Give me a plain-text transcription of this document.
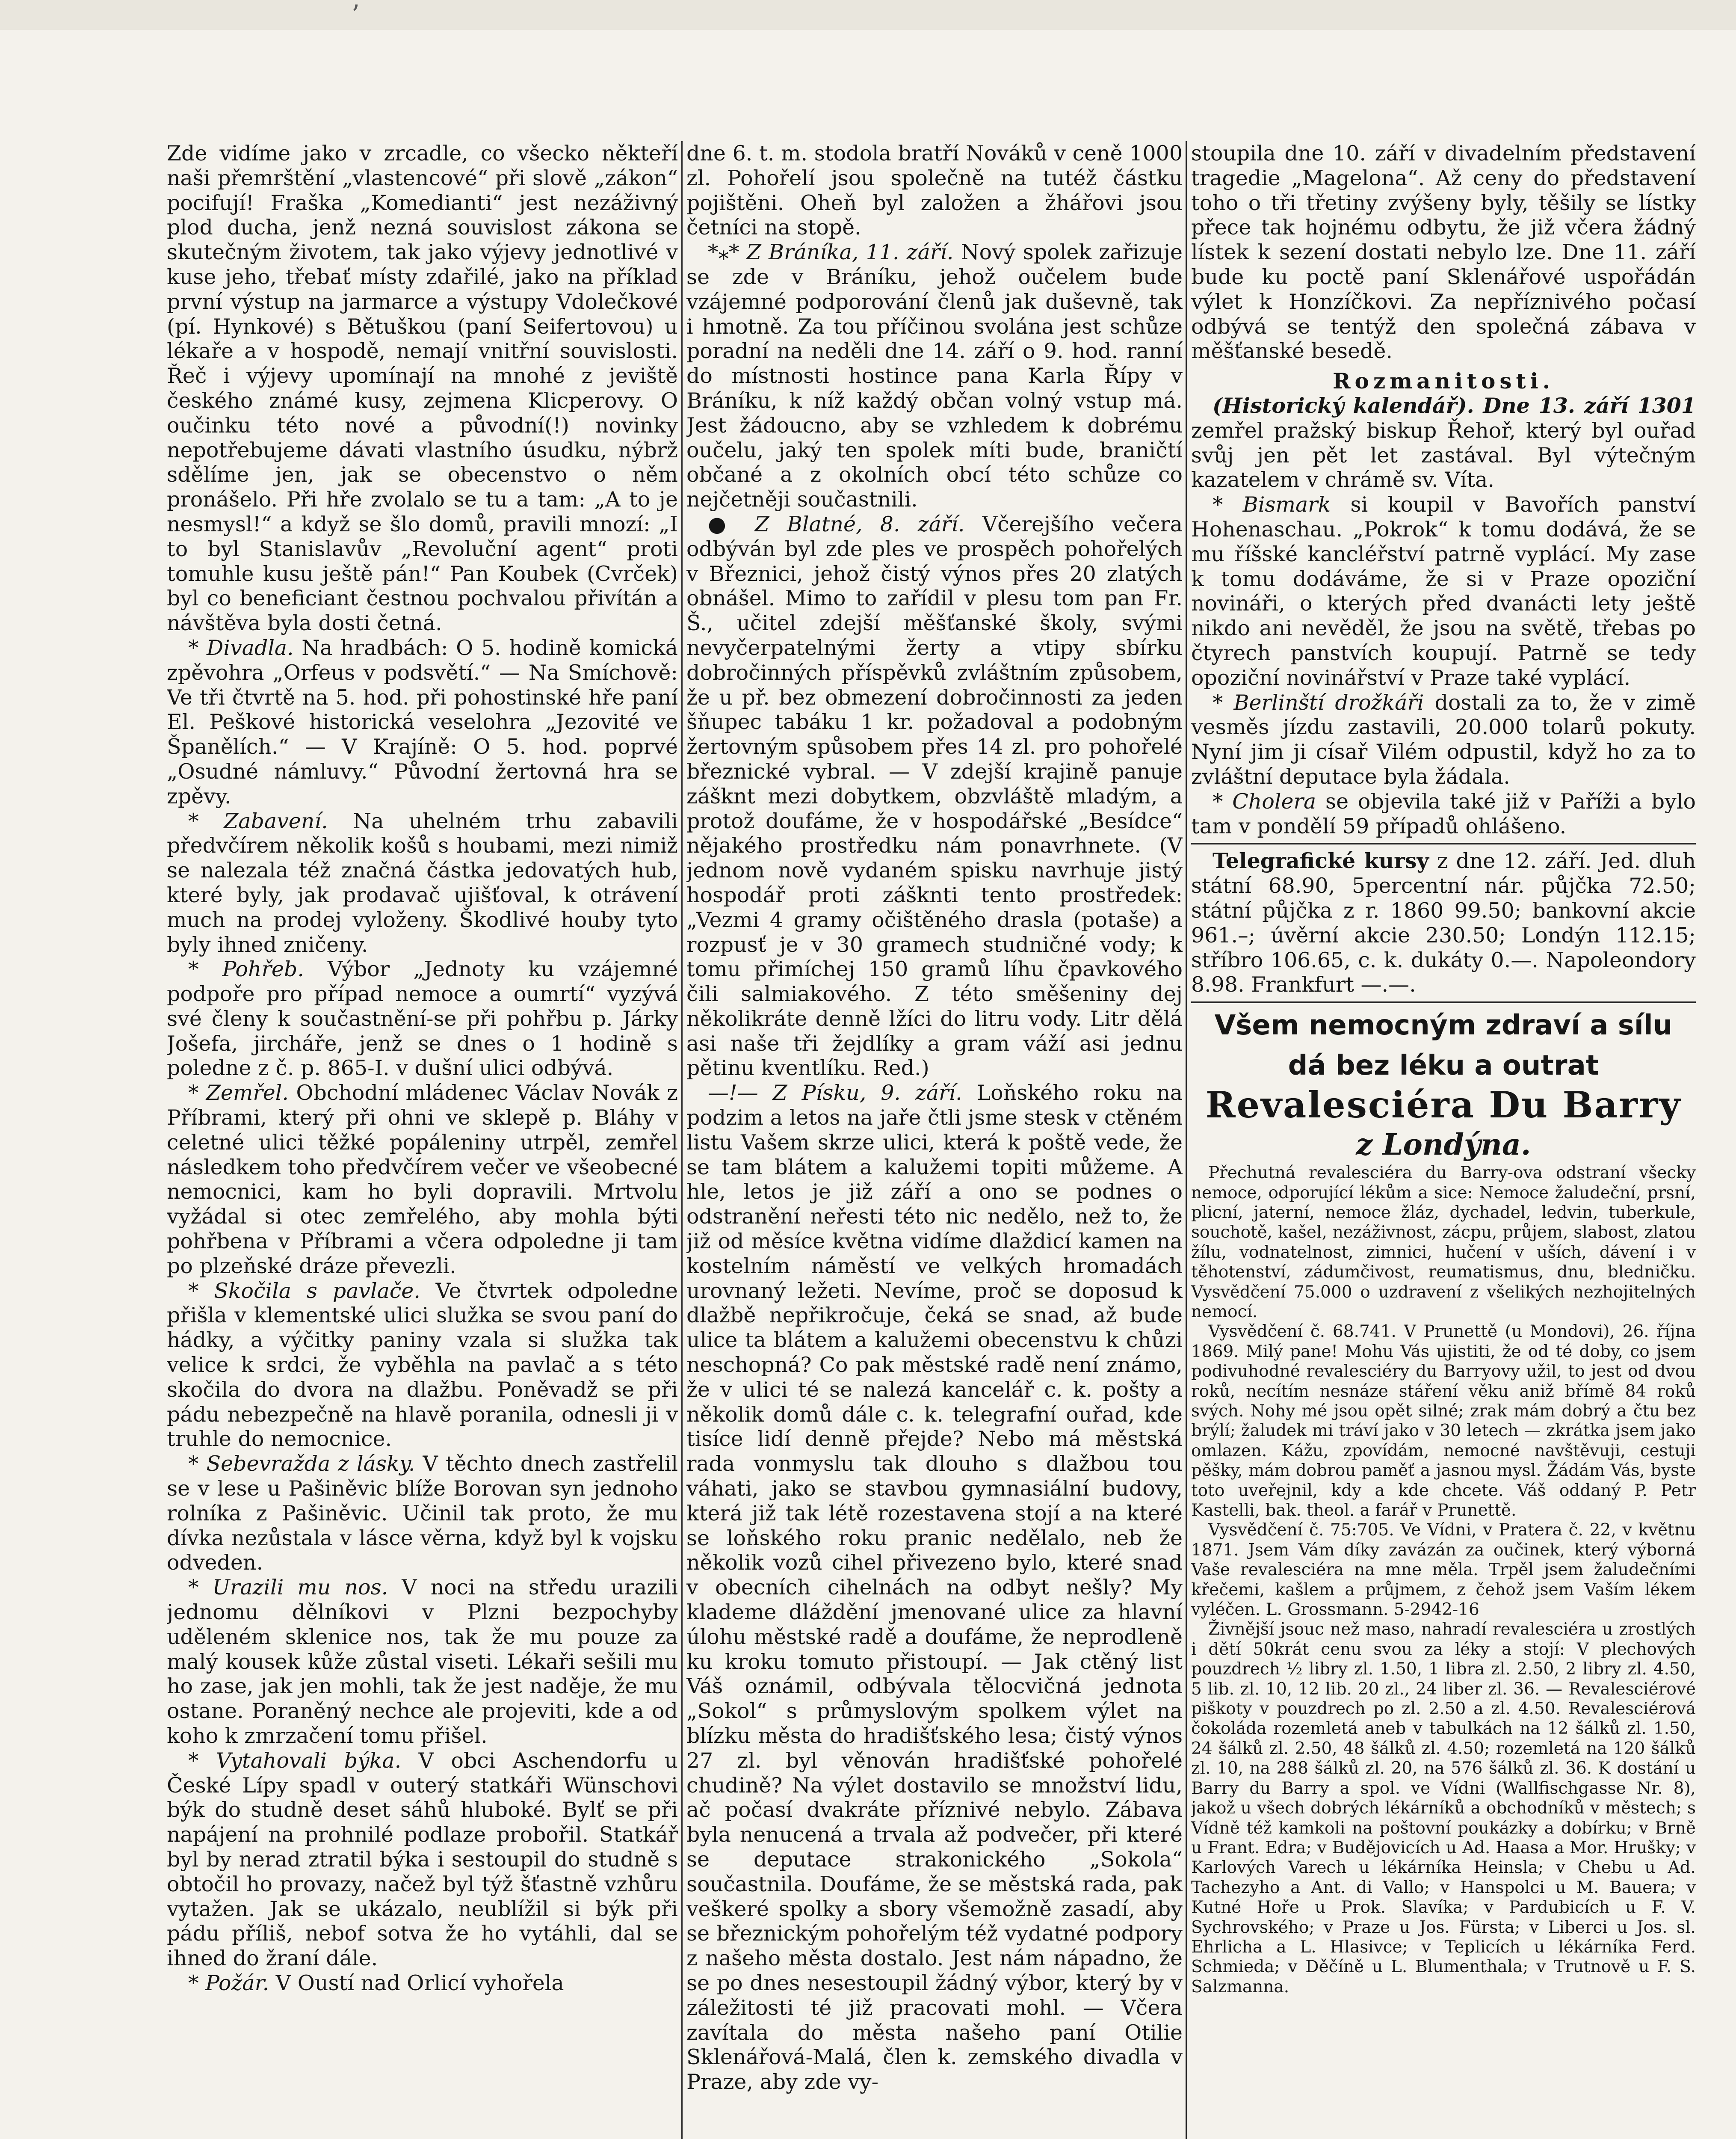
ʼ

Zde vidíme jako v zrcadle, co všecko někteří naši přemrštění „vlastencové“ při slově „zákon“ pocifují! Fraška „Komedianti“ jest nezáživný plod ducha, jenž nezná souvislost zákona se skutečným životem, tak jako výjevy jednotlivé v kuse jeho, třebať místy zdařilé, jako na příklad první výstup na jarmarce a výstupy Vdolečkové (pí. Hynkové) s Bětuškou (paní Seifertovou) u lékaře a v hospodě, nemají vnitřní souvislosti. Řeč i výjevy upomínají na mnohé z jeviště českého známé kusy, zejmena Klicperovy. O oučinku této nové a původní(!) novinky nepotřebujeme dávati vlastního úsudku, nýbrž sdělíme jen, jak se obecenstvo o něm pronášelo. Při hře zvolalo se tu a tam: „A to je nesmysl!“ a když se šlo domů, pravili mnozí: „I to byl Stanislavův „Revoluční agent“ proti tomuhle kusu ještě pán!“ Pan Koubek (Cvrček) byl co beneficiant čestnou pochvalou přivítán a návštěva byla dosti četná.

* Divadla. Na hradbách: O 5. hodině komická zpěvohra „Orfeus v podsvětí.“ — Na Smíchově: Ve tři čtvrtě na 5. hod. při pohostinské hře paní El. Peškové historická veselohra „Jezovité ve Španělích.“ — V Krajíně: O 5. hod. poprvé „Osudné námluvy.“ Původní žertovná hra se zpěvy.

* Zabavení. Na uhelném trhu zabavili předvčírem několik košů s houbami, mezi nimiž se nalezala též značná částka jedovatých hub, které byly, jak prodavač ujišťoval, k otrávení much na prodej vyloženy. Škodlivé houby tyto byly ihned zničeny.

* Pohřeb. Výbor „Jednoty ku vzájemné podpoře pro případ nemoce a oumrtí“ vyzývá své členy k součastnění-se při pohřbu p. Járky Jošefa, jircháře, jenž se dnes o 1 hodině s poledne z č. p. 865-I. v dušní ulici odbývá.

* Zemřel. Obchodní mládenec Václav Novák z Příbrami, který při ohni ve sklepě p. Bláhy v celetné ulici těžké popáleniny utrpěl, zemřel následkem toho předvčírem večer ve všeobecné nemocnici, kam ho byli dopravili. Mrtvolu vyžádal si otec zemřelého, aby mohla býti pohřbena v Příbrami a včera odpoledne ji tam po plzeňské dráze převezli.

* Skočila s pavlače. Ve čtvrtek odpoledne přišla v klementské ulici služka se svou paní do hádky, a výčitky paniny vzala si služka tak velice k srdci, že vyběhla na pavlač a s této skočila do dvora na dlažbu. Poněvadž se při pádu nebezpečně na hlavě poranila, odnesli ji v truhle do nemocnice.

* Sebevražda z lásky. V těchto dnech zastřelil se v lese u Pašiněvic blíže Borovan syn jednoho rolníka z Pašiněvic. Učinil tak proto, že mu dívka nezůstala v lásce věrna, když byl k vojsku odveden.

* Urazili mu nos. V noci na středu urazili jednomu dělníkovi v Plzni bezpochyby uděleném sklenice nos, tak že mu pouze za malý kousek kůže zůstal viseti. Lékaři sešili mu ho zase, jak jen mohli, tak že jest naděje, že mu ostane. Poraněný nechce ale projeviti, kde a od koho k zmrzačení tomu přišel.

* Vytahovali býka. V obci Aschendorfu u České Lípy spadl v outerý statkáři Wünschovi býk do studně deset sáhů hluboké. Bylť se při napájení na prohnilé podlaze probořil. Statkář byl by nerad ztratil býka i sestoupil do studně s obtočil ho provazy, načež byl týž šťastně vzhůru vytažen. Jak se ukázalo, neublížil si býk při pádu příliš, nebof sotva že ho vytáhli, dal se ihned do žraní dále.

* Požár. V Oustí nad Orlicí vyhořela

dne 6. t. m. stodola bratří Nováků v ceně 1000 zl. Pohořelí jsou společně na tutéž částku pojištěni. Oheň byl založen a žhářovi jsou četníci na stopě.

*⁎* Z Bráníka, 11. září. Nový spolek zařizuje se zde v Bráníku, jehož oučelem bude vzájemné podporování členů jak duševně, tak i hmotně. Za tou příčinou svolána jest schůze poradní na neděli dne 14. září o 9. hod. ranní do místnosti hostince pana Karla Řípy v Bráníku, k níž každý občan volný vstup má. Jest žádoucno, aby se vzhledem k dobrému oučelu, jaký ten spolek míti bude, braničtí občané a z okolních obcí této schůze co nejčetněji součastnili.

● Z Blatné, 8. září. Včerejšího večera odbýván byl zde ples ve prospěch pohořelých v Březnici, jehož čistý výnos přes 20 zlatých obnášel. Mimo to zařídil v plesu tom pan Fr. Š., učitel zdejší měšťanské školy, svými nevyčerpatelnými žerty a vtipy sbírku dobročinných příspěvků zvláštním způsobem, že u př. bez obmezení dobročinnosti za jeden šňupec tabáku 1 kr. požadoval a podobným žertovným spůsobem přes 14 zl. pro pohořelé březnické vybral. — V zdejší krajině panuje zášknt mezi dobytkem, obzvláště mladým, a protož doufáme, že v hospodářské „Besídce“ nějakého prostředku nám ponavrhnete. (V jednom nově vydaném spisku navrhuje jistý hospodář proti zášknti tento prostředek: „Vezmi 4 gramy očištěného drasla (potaše) a rozpusť je v 30 gramech studničné vody; k tomu přimíchej 150 gramů líhu čpavkového čili salmiakového. Z této směšeniny dej několikráte denně lžíci do litru vody. Litr dělá asi naše tři žejdlíky a gram váží asi jednu pětinu kventlíku. Red.)

—!— Z Písku, 9. září. Loňského roku na podzim a letos na jaře čtli jsme stesk v ctěném listu Vašem skrze ulici, která k poště vede, že se tam blátem a kalužemi topiti můžeme. A hle, letos je již září a ono se podnes o odstranění neřesti této nic nedělo, než to, že již od měsíce května vidíme dlaždicí kamen na kostelním náměstí ve velkých hromadách urovnaný ležeti. Nevíme, proč se doposud k dlažbě nepřikročuje, čeká se snad, až bude ulice ta blátem a kalužemi obecenstvu k chůzi neschopná? Co pak městské radě není známo, že v ulici té se nalezá kancelář c. k. pošty a několik domů dále c. k. telegrafní ouřad, kde tisíce lidí denně přejde? Nebo má městská rada vonmyslu tak dlouho s dlažbou tou váhati, jako se stavbou gymnasiální budovy, která již tak létě rozestavena stojí a na které se loňského roku pranic nedělalo, neb že několik vozů cihel přivezeno bylo, které snad v obecních cihelnách na odbyt nešly? My klademe dláždění jmenované ulice za hlavní úlohu městské radě a doufáme, že neprodleně ku kroku tomuto přistoupí. — Jak ctěný list Váš oznámil, odbývala tělocvičná jednota „Sokol“ s průmyslovým spolkem výlet na blízku města do hradišťského lesa; čistý výnos 27 zl. byl věnován hradišťské pohořelé chudině? Na výlet dostavilo se množství lidu, ač počasí dvakráte příznivé nebylo. Zábava byla nenucená a trvala až podvečer, při které se deputace strakonického „Sokola“ součastnila. Doufáme, že se městská rada, pak veškeré spolky a sbory všemožně zasadí, aby se březnickým pohořelým též vydatné podpory z našeho města dostalo. Jest nám nápadno, že se po dnes nesestoupil žádný výbor, který by v záležitosti té již pracovati mohl. — Včera zavítala do města našeho paní Otilie Sklenářová-Malá, člen k. zemského divadla v Praze, aby zde vy-

stoupila dne 10. září v divadelním představení tragedie „Magelona“. Až ceny do představení toho o tři třetiny zvýšeny byly, těšily se lístky přece tak hojnému odbytu, že již včera žádný lístek k sezení dostati nebylo lze. Dne 11. září bude ku poctě paní Sklenářové uspořádán výlet k Honzíčkovi. Za nepříznivého počasí odbývá se tentýž den společná zábava v měšťanské besedě.

Rozmanitosti.

(Historický kalendář). Dne 13. září 1301 zemřel pražský biskup Řehoř, který byl ouřad svůj jen pět let zastával. Byl výtečným kazatelem v chrámě sv. Víta.

* Bismark si koupil v Bavořích panství Hohenaschau. „Pokrok“ k tomu dodává, že se mu říšské kancléřství patrně vyplácí. My zase k tomu dodáváme, že si v Praze opoziční novináři, o kterých před dvanácti lety ještě nikdo ani nevěděl, že jsou na světě, třebas po čtyrech panstvích koupují. Patrně se tedy opoziční novinářství v Praze také vyplácí.

* Berlinští drožkáři dostali za to, že v zimě vesměs jízdu zastavili, 20.000 tolarů pokuty. Nyní jim ji císař Vilém odpustil, když ho za to zvláštní deputace byla žádala.

* Cholera se objevila také již v Paříži a bylo tam v pondělí 59 případů ohlášeno.

Telegrafické kursy z dne 12. září. Jed. dluh státní 68.90, 5percentní nár. půjčka 72.50; státní půjčka z r. 1860 99.50; bankovní akcie 961.–; úvěrní akcie 230.50; Londýn 112.15; stříbro 106.65, c. k. dukáty 0.—. Napoleondory 8.98. Frankfurt —.—.

Všem nemocným zdraví a sílu
dá bez léku a outrat
Revalesciéra Du Barry
z Londýna.

Přechutná revalesciéra du Barry-ova odstraní všecky nemoce, odporující lékům a sice: Nemoce žaludeční, prsní, plicní, jaterní, nemoce žláz, dychadel, ledvin, tuberkule, souchotě, kašel, nezáživnost, zácpu, průjem, slabost, zlatou žílu, vodnatelnost, zimnici, hučení v uších, dávení i v těhotenství, zádumčivost, reumatismus, dnu, bledničku. Vysvědčení 75.000 o uzdravení z všelikých nezhojitelných nemocí.

Vysvědčení č. 68.741. V Prunettě (u Mondovi), 26. října 1869. Milý pane! Mohu Vás ujistiti, že od té doby, co jsem podivuhodné revalesciéry du Barryovy užil, to jest od dvou roků, necítím nesnáze stáření věku aniž břímě 84 roků svých. Nohy mé jsou opět silné; zrak mám dobrý a čtu bez brýlí; žaludek mi tráví jako v 30 letech — zkrátka jsem jako omlazen. Kážu, zpovídám, nemocné navštěvuji, cestuji pěšky, mám dobrou paměť a jasnou mysl. Žádám Vás, byste toto uveřejnil, kdy a kde chcete. Váš oddaný P. Petr Kastelli, bak. theol. a farář v Prunettě.

Vysvědčení č. 75:705. Ve Vídni, v Pratera č. 22, v květnu 1871. Jsem Vám díky zavázán za oučinek, který výborná Vaše revalesciéra na mne měla. Trpěl jsem žaludečními křečemi, kašlem a průjmem, z čehož jsem Vaším lékem vyléčen. L. Grossmann. 5-2942-16

Živnější jsouc než maso, nahradí revalesciéra u zrostlých i dětí 50krát cenu svou za léky a stojí: V plechových pouzdrech ½ libry zl. 1.50, 1 libra zl. 2.50, 2 libry zl. 4.50, 5 lib. zl. 10, 12 lib. 20 zl., 24 liber zl. 36. — Revalesciérové piškoty v pouzdrech po zl. 2.50 a zl. 4.50. Revalesciérová čokoláda rozemletá aneb v tabulkách na 12 šálků zl. 1.50, 24 šálků zl. 2.50, 48 šálků zl. 4.50; rozemletá na 120 šálků zl. 10, na 288 šálků zl. 20, na 576 šálků zl. 36. K dostání u Barry du Barry a spol. ve Vídni (Wallfischgasse Nr. 8), jakož u všech dobrých lékárníků a obchodníků v městech; s Vídně též kamkoli na poštovní poukázky a dobírku; v Brně u Frant. Edra; v Budějovicích u Ad. Haasa a Mor. Hrušky; v Karlových Varech u lékárníka Heinsla; v Chebu u Ad. Tachezyho a Ant. di Vallo; v Hanspolci u M. Bauera; v Kutné Hoře u Prok. Slavíka; v Pardubicích u F. V. Sychrovského; v Praze u Jos. Fürsta; v Liberci u Jos. sl. Ehrlicha a L. Hlasivce; v Teplicích u lékárníka Ferd. Schmieda; v Děčíně u L. Blumenthala; v Trutnově u F. S. Salzmanna.
